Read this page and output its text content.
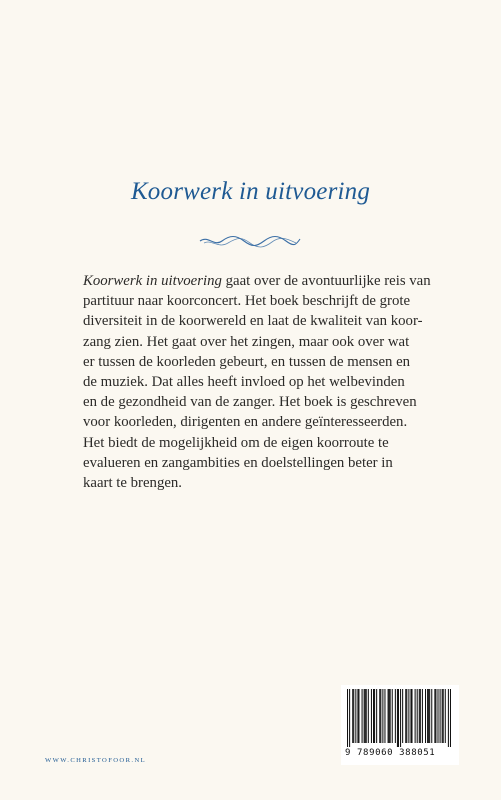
Koorwerk in uitvoering
Koorwerk in uitvoering gaat over de avontuurlijke reis van
partituur naar koorconcert. Het boek beschrijft de grote
diversiteit in de koorwereld en laat de kwaliteit van koor-
zang zien. Het gaat over het zingen, maar ook over wat
er tussen de koorleden gebeurt, en tussen de mensen en
de muziek. Dat alles heeft invloed op het welbevinden
en de gezondheid van de zanger. Het boek is geschreven
voor koorleden, dirigenten en andere geïnteresseerden.
Het biedt de mogelijkheid om de eigen koorroute te
evalueren en zangambities en doelstellingen beter in
kaart te brengen.
WWW.CHRISTOFOOR.NL
9 789060 388051
